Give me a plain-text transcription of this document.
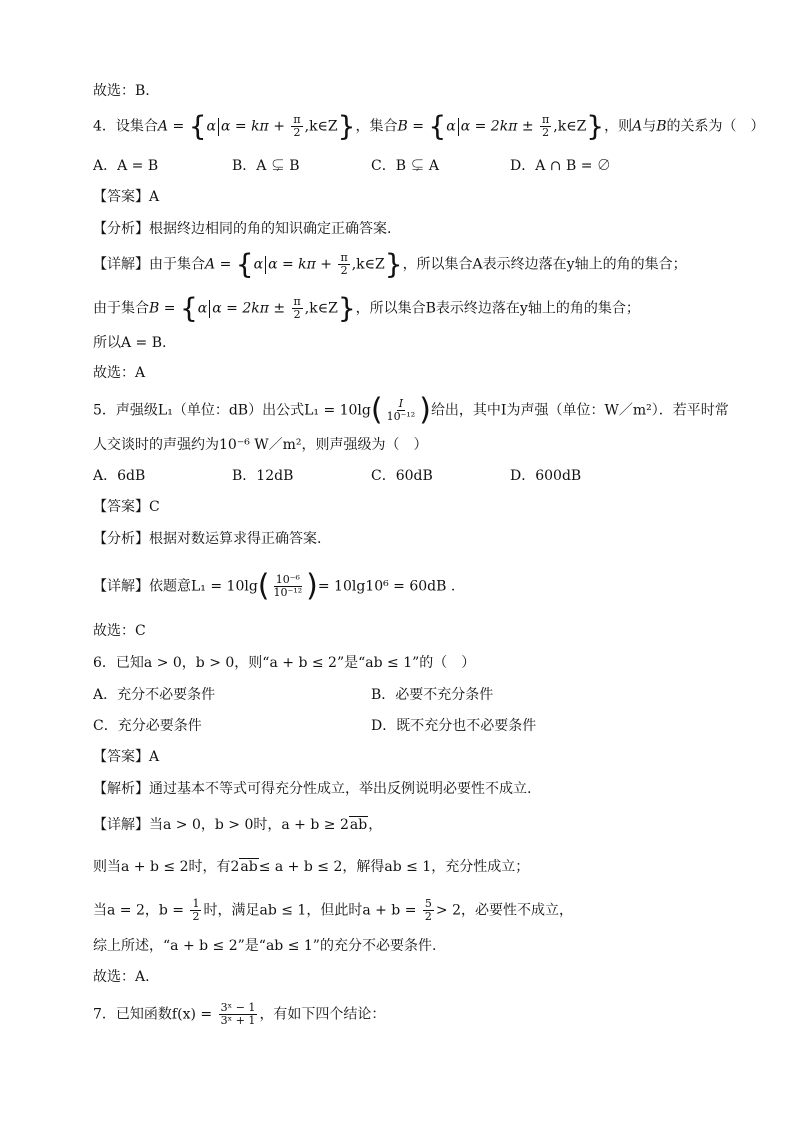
故选：B.
4．设集合A = {α $\alpha = k\pi + \frac{\pi}{2}$ ,k∈Z}，集合B = {α $\alpha = 2k\pi \pm \frac{\pi}{2}$ ,k∈Z}，则A与B的关系为（　）
A．A = B	B．A ⊊ B	C．B ⊊ A	D．A ∩ B = ∅
【答案】A
【分析】根据终边相同的角的知识确定正确答案.
【详解】由于集合A = {α $\alpha = k\pi + \frac{\pi}{2}$ ,k∈Z}，所以集合A表示终边落在y轴上的角的集合；
由于集合B = {α $\alpha = 2k\pi \pm \frac{\pi}{2}$ ,k∈Z}，所以集合B表示终边落在y轴上的角的集合；
所以A = B.
故选：A
5．声强级L₁（单位：dB）出公式$L_1 = 10\lg( \frac{I}{\text{10⁻¹²}}$ )给出，其中I为声强（单位：W／m²）．若平时常
人交谈时的声强约为10⁻⁶ W／m²，则声强级为（　）
A．6dB	B．12dB	C．60dB	D．600dB
【答案】C
【分析】根据对数运算求得正确答案.
【详解】依题意$L_1 = 10\lg( \frac{\text{10⁻⁶}}{\text{10⁻¹²}}$ )= 10lg10⁶ = 60dB .
故选：C
6．已知a > 0，b > 0，则“a + b ≤ 2”是“ab ≤ 1”的（　）
A．充分不必要条件	B．必要不充分条件
C．充分必要条件	D．既不充分也不必要条件
【答案】A
【解析】通过基本不等式可得充分性成立，举出反例说明必要性不成立.
【详解】当a > 0，b > 0时，a + b ≥ 2ab，
则当a + b ≤ 2时，有2ab≤ a + b ≤ 2，解得ab ≤ 1，充分性成立；
当a = 2，$b = \frac{1}{2}$ 时，满足ab ≤ 1，但此时$a + b = \frac{5}{2} > 2$，必要性不成立，
综上所述，“a + b ≤ 2”是“ab ≤ 1”的充分不必要条件.
故选：A.
7．已知函数$f(x) = \frac{\text{3ˣ − 1}}{\text{3ˣ + 1}}$ ，有如下四个结论：
